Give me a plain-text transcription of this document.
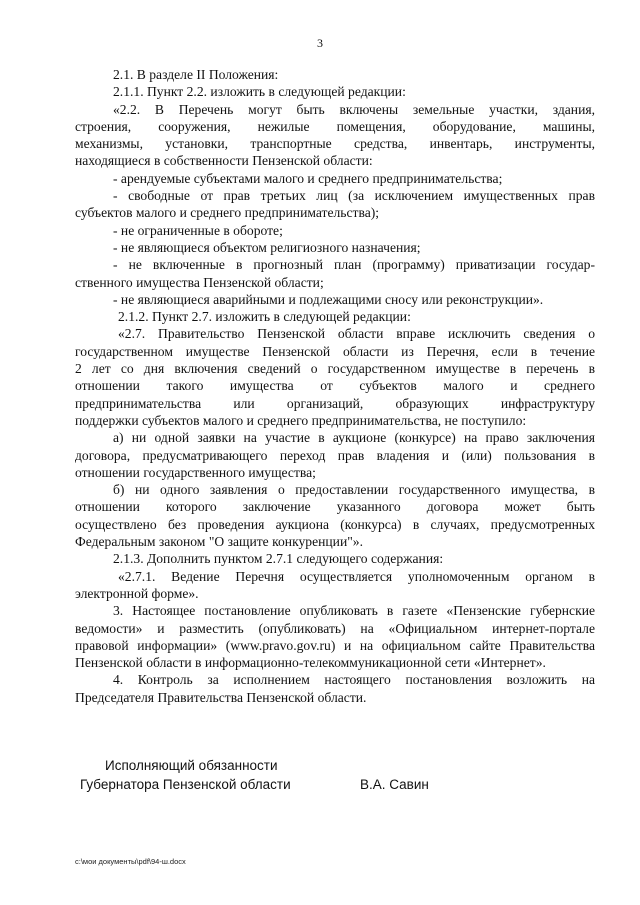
3
2.1. В разделе II Положения:
2.1.1. Пункт 2.2. изложить в следующей редакции:
«2.2. В Перечень могут быть включены земельные участки, здания,
строения, сооружения, нежилые помещения, оборудование, машины,
механизмы, установки, транспортные средства, инвентарь, инструменты,
находящиеся в собственности Пензенской области:
- арендуемые субъектами малого и среднего предпринимательства;
- свободные от прав третьих лиц (за исключением имущественных прав
субъектов малого и среднего предпринимательства);
- не ограниченные в обороте;
- не являющиеся объектом религиозного назначения;
- не включенные в прогнозный план (программу) приватизации государ-
ственного имущества Пензенской области;
- не являющиеся аварийными и подлежащими сносу или реконструкции».
2.1.2. Пункт 2.7. изложить в следующей редакции:
«2.7. Правительство Пензенской области вправе исключить сведения о
государственном имуществе Пензенской области из Перечня, если в течение
2 лет со дня включения сведений о государственном имуществе в перечень в
отношении такого имущества от субъектов малого и среднего
предпринимательства или организаций, образующих инфраструктуру
поддержки субъектов малого и среднего предпринимательства, не поступило:
а) ни одной заявки на участие в аукционе (конкурсе) на право заключения
договора, предусматривающего переход прав владения и (или) пользования в
отношении государственного имущества;
б) ни одного заявления о предоставлении государственного имущества, в
отношении которого заключение указанного договора может быть
осуществлено без проведения аукциона (конкурса) в случаях, предусмотренных
Федеральным законом "О защите конкуренции"».
2.1.3. Дополнить пунктом 2.7.1 следующего содержания:
«2.7.1. Ведение Перечня осуществляется уполномоченным органом в
электронной форме».
3. Настоящее постановление опубликовать в газете «Пензенские губернские
ведомости» и разместить (опубликовать) на «Официальном интернет-портале
правовой информации» (www.pravo.gov.ru) и на официальном сайте Правительства
Пензенской области в информационно-телекоммуникационной сети «Интернет».
4. Контроль за исполнением настоящего постановления возложить на
Председателя Правительства Пензенской области.
Исполняющий обязанности
Губернатора Пензенской области	В.А. Савин
c:\мои документы\pdf\94-ш.docx
